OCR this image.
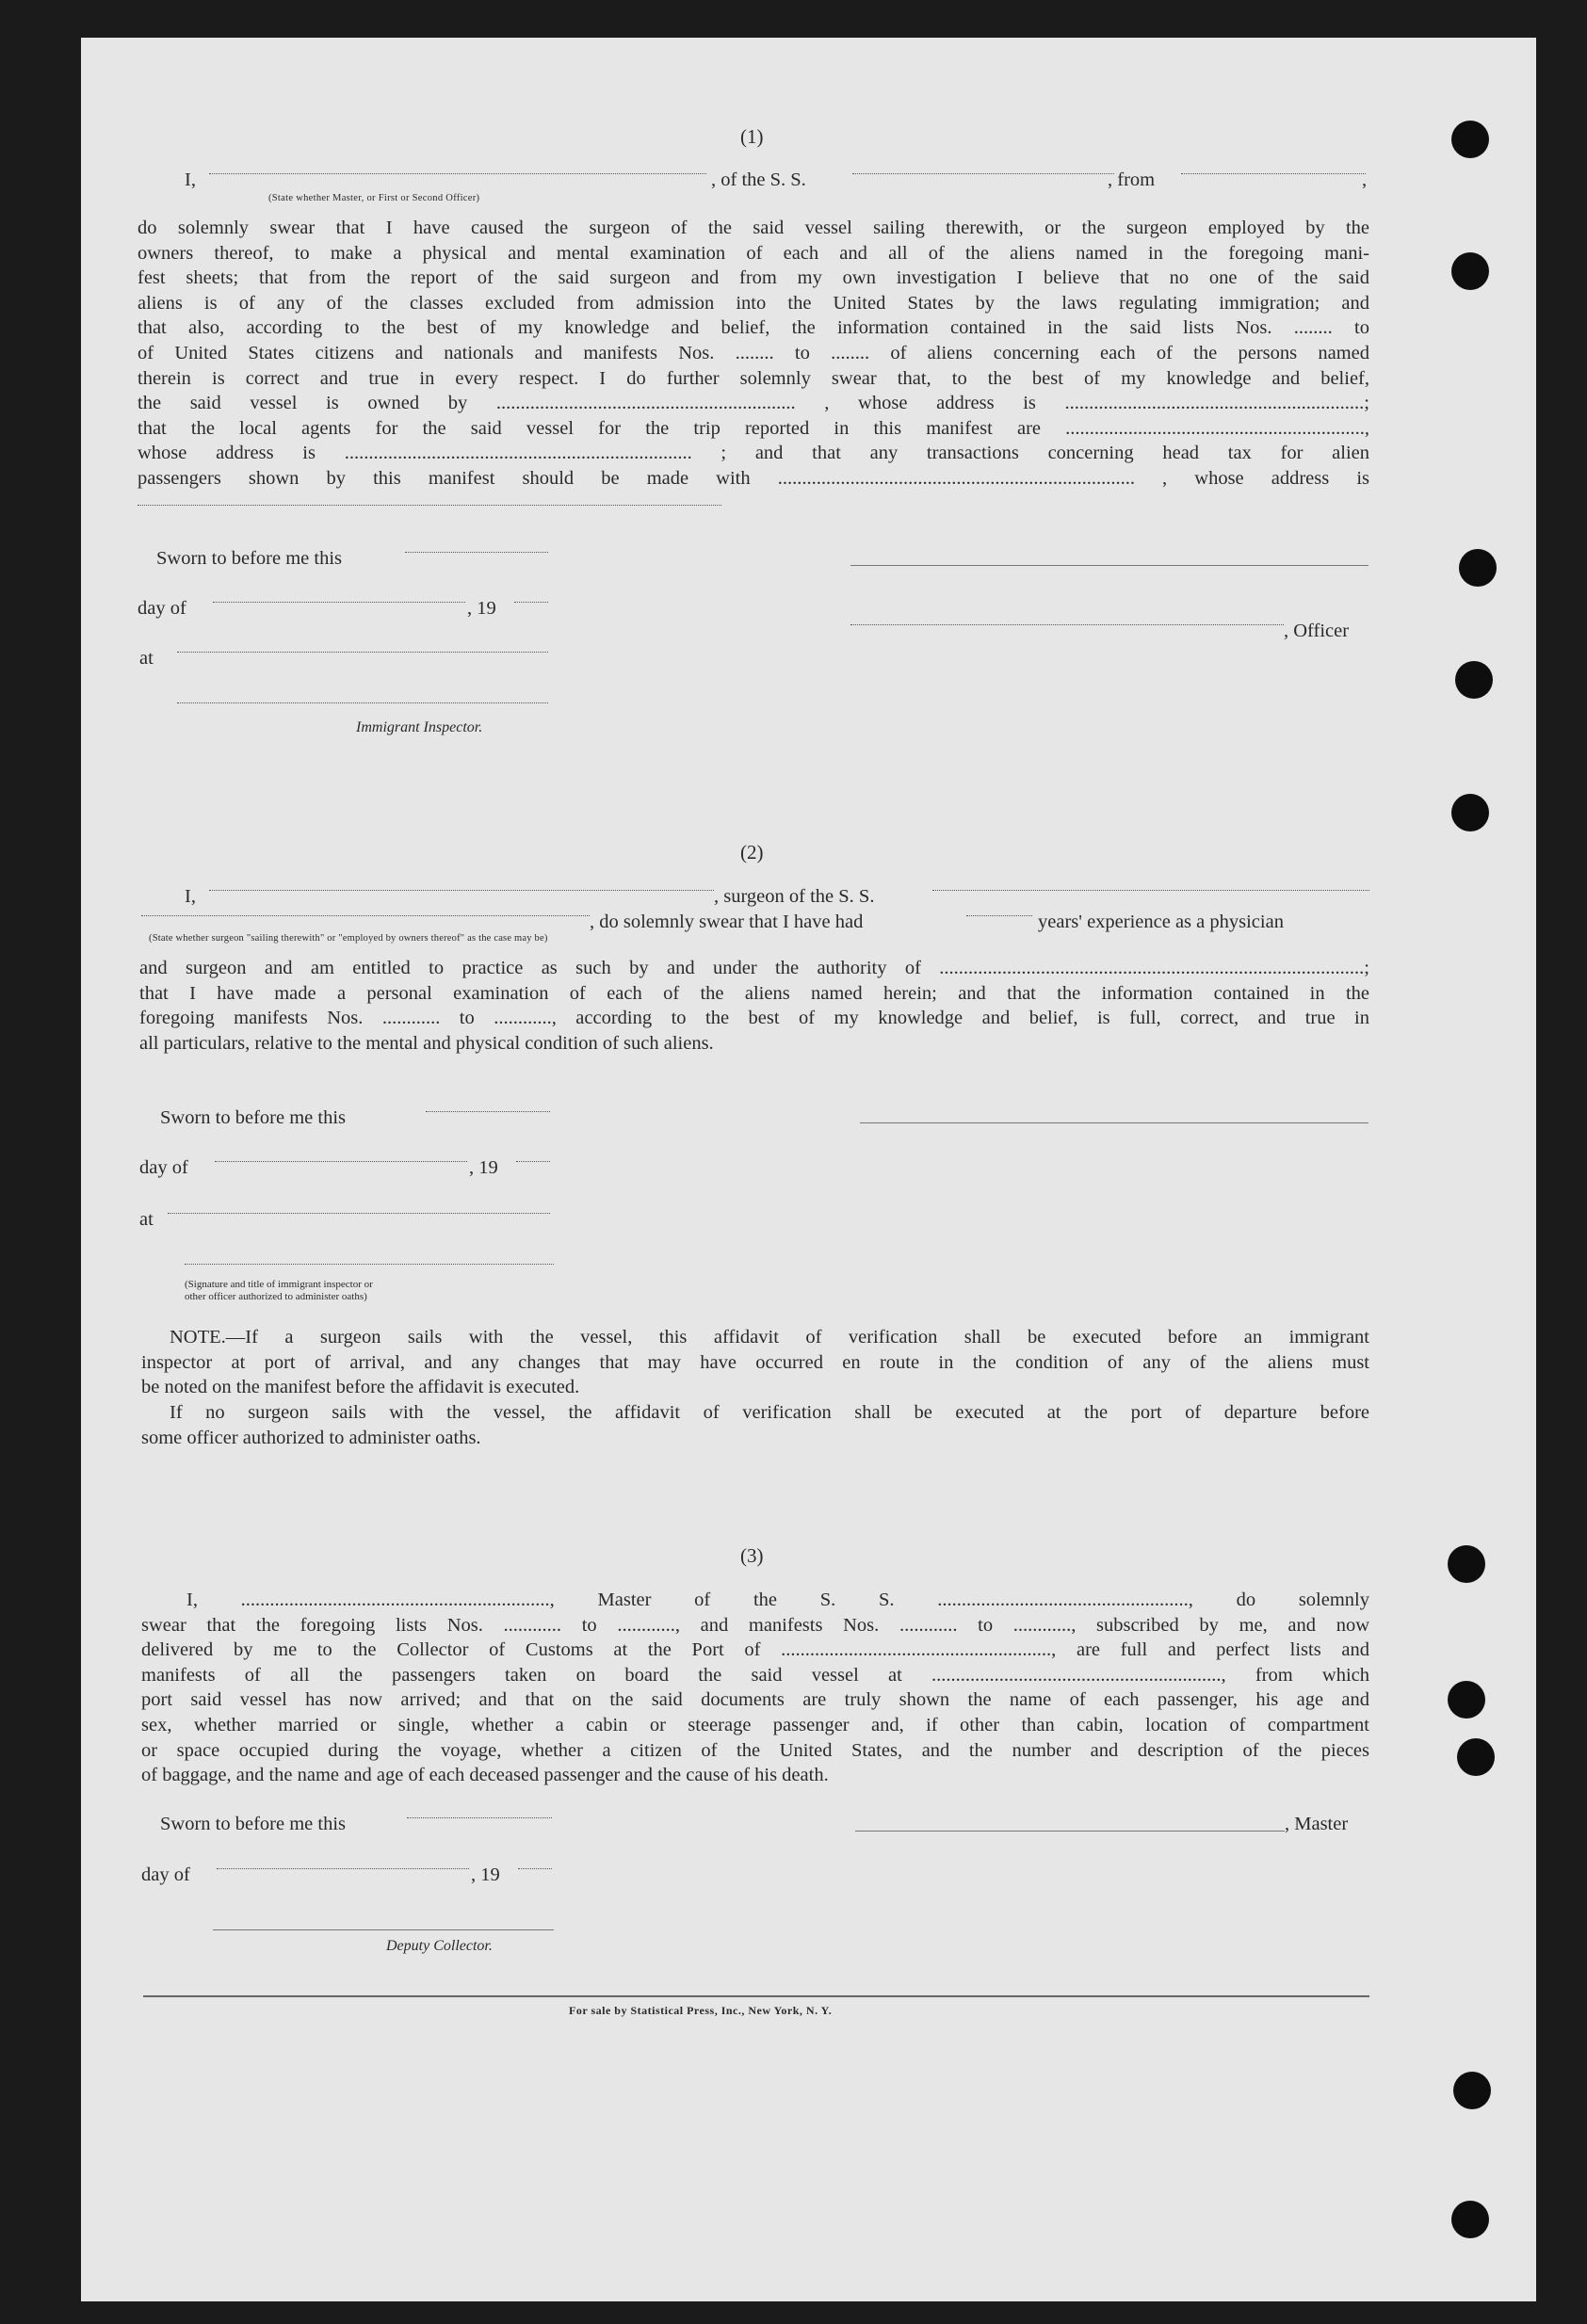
(1)
I,
(State whether Master, or First or Second Officer)
, of the S. S.	, from	,
do solemnly swear that I have caused the surgeon of the said vessel sailing therewith, or the surgeon employed by the
owners thereof, to make a physical and mental examination of each and all of the aliens named in the foregoing mani-
fest sheets; that from the report of the said surgeon and from my own investigation I believe that no one of the said
aliens is of any of the classes excluded from admission into the United States by the laws regulating immigration; and
that also, according to the best of my knowledge and belief, the information contained in the said lists Nos. ........ to
of United States citizens and nationals and manifests Nos. ........ to ........ of aliens concerning each of the persons named
therein is correct and true in every respect. I do further solemnly swear that, to the best of my knowledge and belief,
the said vessel is owned by .............................................................. , whose address is ..............................................................;
that the local agents for the said vessel for the trip reported in this manifest are ..............................................................,
whose address is ........................................................................ ; and that any transactions concerning head tax for alien
passengers shown by this manifest should be made with .......................................................................... , whose address is
Sworn to before me this
day of	, 19
, Officer
at
Immigrant Inspector.
(2)
I,	, surgeon of the S. S.
, do solemnly swear that I have had	years' experience as a physician
(State whether surgeon "sailing therewith" or "employed by owners thereof" as the case may be)
and surgeon and am entitled to practice as such by and under the authority of ........................................................................................;
that I have made a personal examination of each of the aliens named herein; and that the information contained in the
foregoing manifests Nos. ............ to ............, according to the best of my knowledge and belief, is full, correct, and true in
all particulars, relative to the mental and physical condition of such aliens.
Sworn to before me this
day of	, 19
at
(Signature and title of immigrant inspector or
other officer authorized to administer oaths)
NOTE.—If a surgeon sails with the vessel, this affidavit of verification shall be executed before an immigrant
inspector at port of arrival, and any changes that may have occurred en route in the condition of any of the aliens must
be noted on the manifest before the affidavit is executed.
If no surgeon sails with the vessel, the affidavit of verification shall be executed at the port of departure before
some officer authorized to administer oaths.
(3)
I, ................................................................, Master of the S. S. ...................................................., do solemnly
swear that the foregoing lists Nos. ............ to ............, and manifests Nos. ............ to ............, subscribed by me, and now
delivered by me to the Collector of Customs at the Port of ........................................................, are full and perfect lists and
manifests of all the passengers taken on board the said vessel at ............................................................, from which
port said vessel has now arrived; and that on the said documents are truly shown the name of each passenger, his age and
sex, whether married or single, whether a cabin or steerage passenger and, if other than cabin, location of compartment
or space occupied during the voyage, whether a citizen of the United States, and the number and description of the pieces
of baggage, and the name and age of each deceased passenger and the cause of his death.
Sworn to before me this	, Master
day of	, 19
Deputy Collector.
For sale by Statistical Press, Inc., New York, N. Y.
